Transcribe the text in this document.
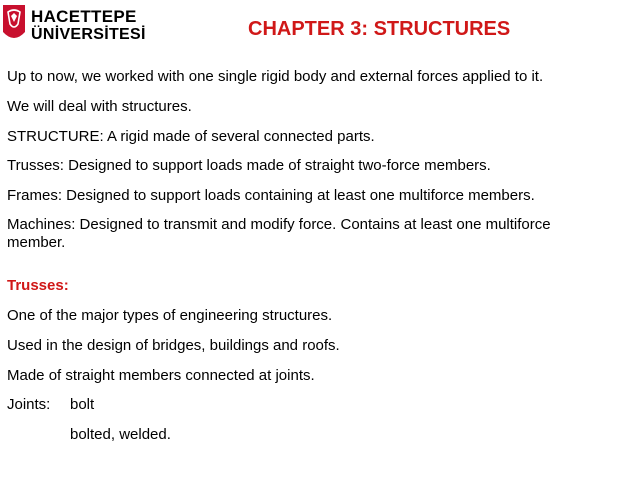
HACETTEPE
ÜNİVERSİTESİ	CHAPTER 3: STRUCTURES

Up to now, we worked with one single rigid body and external forces applied to it.

We will deal with structures.

STRUCTURE: A rigid made of several connected parts.

Trusses: Designed to support loads made of straight two-force members.

Frames: Designed to support loads containing at least one multiforce members.

Machines: Designed to transmit and modify force. Contains at least one multiforce member.

Trusses:

One of the major types of engineering structures.

Used in the design of bridges, buildings and roofs.

Made of straight members connected at joints.

Joints: bolt
bolted, welded.
